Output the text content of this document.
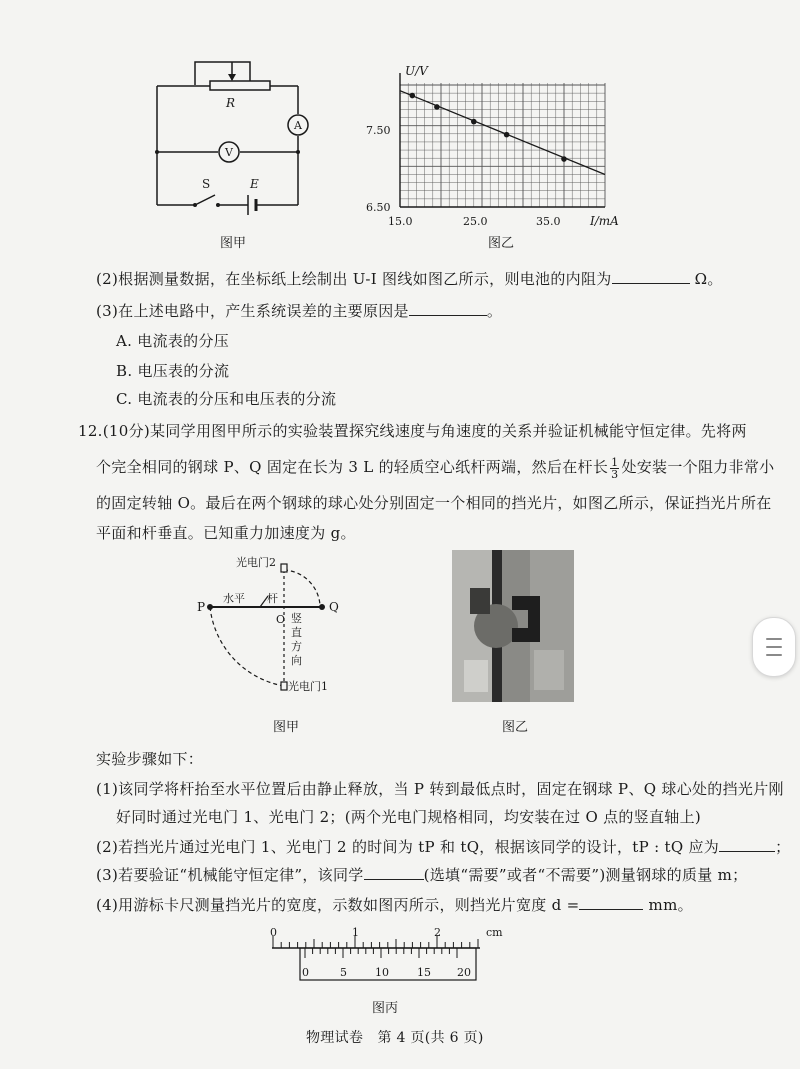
R
A
V
S	E
图甲
U/V
I/mA
6.50
7.50
15.0	25.0	35.0
图乙
(2)根据测量数据，在坐标纸上绘制出 U-I 图线如图乙所示，则电池的内阻为	Ω。
(3)在上述电路中，产生系统误差的主要原因是	。
A. 电流表的分压
B. 电压表的分流
C. 电流表的分压和电压表的分流
12.(10分)某同学用图甲所示的实验装置探究线速度与角速度的关系并验证机械能守恒定律。先将两
个完全相同的钢球 P、Q 固定在长为 3 L 的轻质空心纸杆两端，然后在杆长 $\frac{1}{3}$ 处安装一个阻力非常小
的固定转轴 O。最后在两个钢球的球心处分别固定一个相同的挡光片，如图乙所示，保证挡光片所在
平面和杆垂直。已知重力加速度为 g。
光电门2
光电门1
P	Q
O
水平 杆
竖
直
方
向
图甲	图乙
实验步骤如下：
(1)该同学将杆抬至水平位置后由静止释放，当 P 转到最低点时，固定在钢球 P、Q 球心处的挡光片刚
好同时通过光电门 1、光电门 2；(两个光电门规格相同，均安装在过 O 点的竖直轴上)
(2)若挡光片通过光电门 1、光电门 2 的时间为 tP 和 tQ，根据该同学的设计，tP : tQ 应为	；
(3)若要验证“机械能守恒定律”，该同学	(选填“需要”或者“不需要”)测量钢球的质量 m；
(4)用游标卡尺测量挡光片的宽度，示数如图丙所示，则挡光片宽度 d =	mm。
0	1	2	cm
0	5	10	15 20
图丙
物理试卷　第 4 页(共 6 页)
